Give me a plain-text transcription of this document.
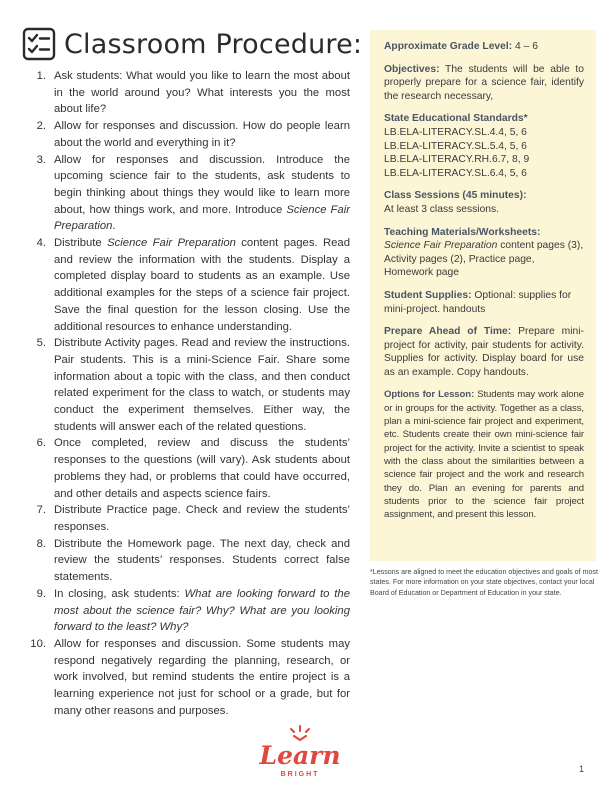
Classroom Procedure:
1. Ask students: What would you like to learn the most about in the world around you? What interests you the most about life?
2. Allow for responses and discussion. How do people learn about the world and everything in it?
3. Allow for responses and discussion. Introduce the upcoming science fair to the students, ask students to begin thinking about things they would like to learn more about, how things work, and more. Introduce Science Fair Preparation.
4. Distribute Science Fair Preparation content pages. Read and review the information with the students. Display a completed display board to students as an example. Use additional examples for the steps of a science fair project. Save the final question for the lesson closing. Use the additional resources to enhance understanding.
5. Distribute Activity pages. Read and review the instructions. Pair students. This is a mini-Science Fair. Share some information about a topic with the class, and then conduct related experiment for the class to watch, or students may conduct the experiment themselves. Either way, the students will answer each of the related questions.
6. Once completed, review and discuss the students’ responses to the questions (will vary). Ask students about problems they had, or problems that could have occurred, and other details and aspects science fairs.
7. Distribute Practice page. Check and review the students’ responses.
8. Distribute the Homework page. The next day, check and review the students’ responses. Students correct false statements.
9. In closing, ask students: What are looking forward to the most about the science fair? Why? What are you looking forward to the least? Why?
10. Allow for responses and discussion. Some students may respond negatively regarding the planning, research, or work involved, but remind students the entire project is a learning experience not just for school or a grade, but for many other reasons and purposes.
Approximate Grade Level: 4 – 6
Objectives: The students will be able to properly prepare for a science fair, identify the research necessary,
State Educational Standards*
LB.ELA-LITERACY.SL.4.4, 5, 6
LB.ELA-LITERACY.SL.5.4, 5, 6
LB.ELA-LITERACY.RH.6.7, 8, 9
LB.ELA-LITERACY.SL.6.4, 5, 6
Class Sessions (45 minutes):
At least 3 class sessions.
Teaching Materials/Worksheets:
Science Fair Preparation content pages (3), Activity pages (2), Practice page, Homework page
Student Supplies: Optional: supplies for mini-project. handouts
Prepare Ahead of Time: Prepare mini-project for activity, pair students for activity. Supplies for activity. Display board for use as an example. Copy handouts.
Options for Lesson: Students may work alone or in groups for the activity. Together as a class, plan a mini-science fair project and experiment, etc. Students create their own mini-science fair project for the activity. Invite a scientist to speak with the class about the similarities between a science fair project and the work and research they do. Plan an evening for parents and students prior to the science fair project assignment, and present this lesson.
*Lessons are aligned to meet the education objectives and goals of most states. For more information on your state objectives, contact your local Board of Education or Department of Education in your state.
Learn
BRIGHT
1
